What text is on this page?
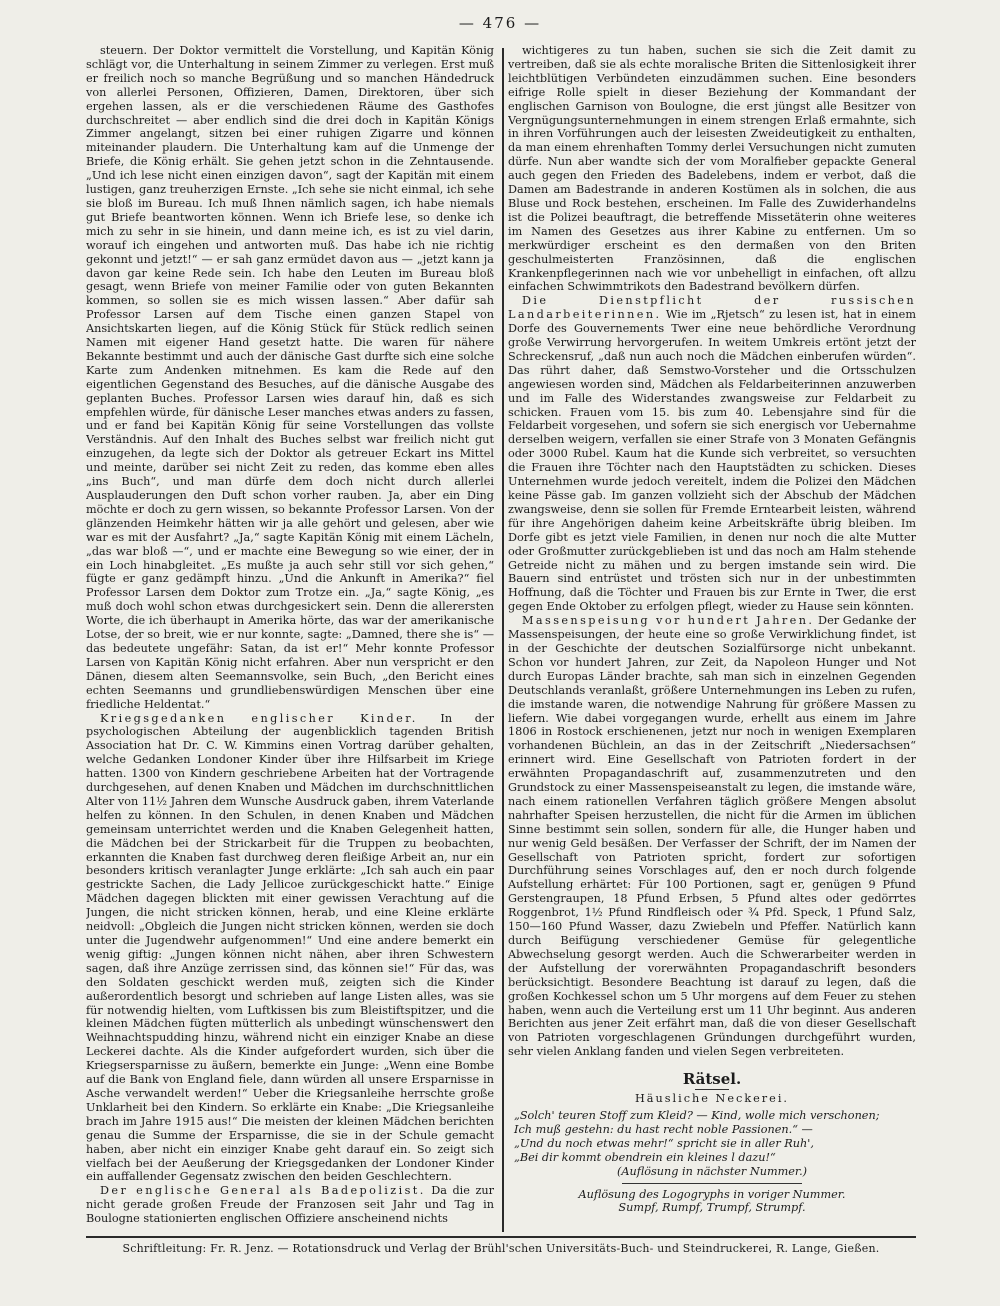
— 476 —

steuern. Der Doktor vermittelt die Vorstellung, und Kapitän König schlägt vor, die Unterhaltung in seinem Zimmer zu verlegen. Erst muß er freilich noch so manche Begrüßung und so manchen Händedruck von allerlei Personen, Offizieren, Damen, Direktoren, über sich ergehen lassen, als er die verschiedenen Räume des Gasthofes durchschreitet — aber endlich sind die drei doch in Kapitän Königs Zimmer angelangt, sitzen bei einer ruhigen Zigarre und können miteinander plaudern. Die Unterhaltung kam auf die Unmenge der Briefe, die König erhält. Sie gehen jetzt schon in die Zehntausende. „Und ich lese nicht einen einzigen davon“, sagt der Kapitän mit einem lustigen, ganz treuherzigen Ernste. „Ich sehe sie nicht einmal, ich sehe sie bloß im Bureau. Ich muß Ihnen nämlich sagen, ich habe niemals gut Briefe beantworten können. Wenn ich Briefe lese, so denke ich mich zu sehr in sie hinein, und dann meine ich, es ist zu viel darin, worauf ich eingehen und antworten muß. Das habe ich nie richtig gekonnt und jetzt!“ — er sah ganz ermüdet davon aus — „jetzt kann ja davon gar keine Rede sein. Ich habe den Leuten im Bureau bloß gesagt, wenn Briefe von meiner Familie oder von guten Bekannten kommen, so sollen sie es mich wissen lassen.“ Aber dafür sah Professor Larsen auf dem Tische einen ganzen Stapel von Ansichtskarten liegen, auf die König Stück für Stück redlich seinen Namen mit eigener Hand gesetzt hatte. Die waren für nähere Bekannte bestimmt und auch der dänische Gast durfte sich eine solche Karte zum Andenken mitnehmen. Es kam die Rede auf den eigentlichen Gegenstand des Besuches, auf die dänische Ausgabe des geplanten Buches. Professor Larsen wies darauf hin, daß es sich empfehlen würde, für dänische Leser manches etwas anders zu fassen, und er fand bei Kapitän König für seine Vorstellungen das vollste Verständnis. Auf den Inhalt des Buches selbst war freilich nicht gut einzugehen, da legte sich der Doktor als getreuer Eckart ins Mittel und meinte, darüber sei nicht Zeit zu reden, das komme eben alles „ins Buch“, und man dürfe dem doch nicht durch allerlei Ausplauderungen den Duft schon vorher rauben. Ja, aber ein Ding möchte er doch zu gern wissen, so bekannte Professor Larsen. Von der glänzenden Heimkehr hätten wir ja alle gehört und gelesen, aber wie war es mit der Ausfahrt? „Ja,“ sagte Kapitän König mit einem Lächeln, „das war bloß —“, und er machte eine Bewegung so wie einer, der in ein Loch hinabgleitet. „Es mußte ja auch sehr still vor sich gehen,“ fügte er ganz gedämpft hinzu. „Und die Ankunft in Amerika?“ fiel Professor Larsen dem Doktor zum Trotze ein. „Ja,“ sagte König, „es muß doch wohl schon etwas durchgesickert sein. Denn die allerersten Worte, die ich überhaupt in Amerika hörte, das war der amerikanische Lotse, der so breit, wie er nur konnte, sagte: „Damned, there she is“ — das bedeutete ungefähr: Satan, da ist er!“ Mehr konnte Professor Larsen von Kapitän König nicht erfahren. Aber nun verspricht er den Dänen, diesem alten Seemannsvolke, sein Buch, „den Bericht eines echten Seemanns und grundliebenswürdigen Menschen über eine friedliche Heldentat.“

Kriegsgedanken englischer Kinder. In der psychologischen Abteilung der augenblicklich tagenden British Association hat Dr. C. W. Kimmins einen Vortrag darüber gehalten, welche Gedanken Londoner Kinder über ihre Hilfsarbeit im Kriege hatten. 1300 von Kindern geschriebene Arbeiten hat der Vortragende durchgesehen, auf denen Knaben und Mädchen im durchschnittlichen Alter von 11½ Jahren dem Wunsche Ausdruck gaben, ihrem Vaterlande helfen zu können. In den Schulen, in denen Knaben und Mädchen gemeinsam unterrichtet werden und die Knaben Gelegenheit hatten, die Mädchen bei der Strickarbeit für die Truppen zu beobachten, erkannten die Knaben fast durchweg deren fleißige Arbeit an, nur ein besonders kritisch veranlagter Junge erklärte: „Ich sah auch ein paar gestrickte Sachen, die Lady Jellicoe zurückgeschickt hatte.“ Einige Mädchen dagegen blickten mit einer gewissen Verachtung auf die Jungen, die nicht stricken können, herab, und eine Kleine erklärte neidvoll: „Obgleich die Jungen nicht stricken können, werden sie doch unter die Jugendwehr aufgenommen!“ Und eine andere bemerkt ein wenig giftig: „Jungen können nicht nähen, aber ihren Schwestern sagen, daß ihre Anzüge zerrissen sind, das können sie!“ Für das, was den Soldaten geschickt werden muß, zeigten sich die Kinder außerordentlich besorgt und schrieben auf lange Listen alles, was sie für notwendig hielten, vom Luftkissen bis zum Bleistiftspitzer, und die kleinen Mädchen fügten mütterlich als unbedingt wünschenswert den Weihnachtspudding hinzu, während nicht ein einziger Knabe an diese Leckerei dachte. Als die Kinder aufgefordert wurden, sich über die Kriegsersparnisse zu äußern, bemerkte ein Junge: „Wenn eine Bombe auf die Bank von England fiele, dann würden all unsere Ersparnisse in Asche verwandelt werden!“ Ueber die Kriegsanleihe herrschte große Unklarheit bei den Kindern. So erklärte ein Knabe: „Die Kriegsanleihe brach im Jahre 1915 aus!“ Die meisten der kleinen Mädchen berichten genau die Summe der Ersparnisse, die sie in der Schule gemacht haben, aber nicht ein einziger Knabe geht darauf ein. So zeigt sich vielfach bei der Aeußerung der Kriegsgedanken der Londoner Kinder ein auffallender Gegensatz zwischen den beiden Geschlechtern.

Der englische General als Badepolizist. Da die zur nicht gerade großen Freude der Franzosen seit Jahr und Tag in Boulogne stationierten englischen Offiziere anscheinend nichts

wichtigeres zu tun haben, suchen sie sich die Zeit damit zu vertreiben, daß sie als echte moralische Briten die Sittenlosigkeit ihrer leichtblütigen Verbündeten einzudämmen suchen. Eine besonders eifrige Rolle spielt in dieser Beziehung der Kommandant der englischen Garnison von Boulogne, die erst jüngst alle Besitzer von Vergnügungsunternehmungen in einem strengen Erlaß ermahnte, sich in ihren Vorführungen auch der leisesten Zweideutigkeit zu enthalten, da man einem ehrenhaften Tommy derlei Versuchungen nicht zumuten dürfe. Nun aber wandte sich der vom Moralfieber gepackte General auch gegen den Frieden des Badelebens, indem er verbot, daß die Damen am Badestrande in anderen Kostümen als in solchen, die aus Bluse und Rock bestehen, erscheinen. Im Falle des Zuwiderhandelns ist die Polizei beauftragt, die betreffende Missetäterin ohne weiteres im Namen des Gesetzes aus ihrer Kabine zu entfernen. Um so merkwürdiger erscheint es den dermaßen von den Briten geschulmeisterten Französinnen, daß die englischen Krankenpflegerinnen nach wie vor unbehelligt in einfachen, oft allzu einfachen Schwimmtrikots den Badestrand bevölkern dürfen.

Die Dienstpflicht der russischen Landarbeiterinnen. Wie im „Rjetsch“ zu lesen ist, hat in einem Dorfe des Gouvernements Twer eine neue behördliche Verordnung große Verwirrung hervorgerufen. In weitem Umkreis ertönt jetzt der Schreckensruf, „daß nun auch noch die Mädchen einberufen würden“. Das rührt daher, daß Semstwo-Vorsteher und die Ortsschulzen angewiesen worden sind, Mädchen als Feldarbeiterinnen anzuwerben und im Falle des Widerstandes zwangsweise zur Feldarbeit zu schicken. Frauen vom 15. bis zum 40. Lebensjahre sind für die Feldarbeit vorgesehen, und sofern sie sich energisch vor Uebernahme derselben weigern, verfallen sie einer Strafe von 3 Monaten Gefängnis oder 3000 Rubel. Kaum hat die Kunde sich verbreitet, so versuchten die Frauen ihre Töchter nach den Hauptstädten zu schicken. Dieses Unternehmen wurde jedoch vereitelt, indem die Polizei den Mädchen keine Pässe gab. Im ganzen vollzieht sich der Abschub der Mädchen zwangsweise, denn sie sollen für Fremde Erntearbeit leisten, während für ihre Angehörigen daheim keine Arbeitskräfte übrig bleiben. Im Dorfe gibt es jetzt viele Familien, in denen nur noch die alte Mutter oder Großmutter zurückgeblieben ist und das noch am Halm stehende Getreide nicht zu mähen und zu bergen imstande sein wird. Die Bauern sind entrüstet und trösten sich nur in der unbestimmten Hoffnung, daß die Töchter und Frauen bis zur Ernte in Twer, die erst gegen Ende Oktober zu erfolgen pflegt, wieder zu Hause sein könnten.

Massenspeisung vor hundert Jahren. Der Gedanke der Massenspeisungen, der heute eine so große Verwirklichung findet, ist in der Geschichte der deutschen Sozialfürsorge nicht unbekannt. Schon vor hundert Jahren, zur Zeit, da Napoleon Hunger und Not durch Europas Länder brachte, sah man sich in einzelnen Gegenden Deutschlands veranlaßt, größere Unternehmungen ins Leben zu rufen, die imstande waren, die notwendige Nahrung für größere Massen zu liefern. Wie dabei vorgegangen wurde, erhellt aus einem im Jahre 1806 in Rostock erschienenen, jetzt nur noch in wenigen Exemplaren vorhandenen Büchlein, an das in der Zeitschrift „Niedersachsen“ erinnert wird. Eine Gesellschaft von Patrioten fordert in der erwähnten Propagandaschrift auf, zusammenzutreten und den Grundstock zu einer Massenspeiseanstalt zu legen, die imstande wäre, nach einem rationellen Verfahren täglich größere Mengen absolut nahrhafter Speisen herzustellen, die nicht für die Armen im üblichen Sinne bestimmt sein sollen, sondern für alle, die Hunger haben und nur wenig Geld besäßen. Der Verfasser der Schrift, der im Namen der Gesellschaft von Patrioten spricht, fordert zur sofortigen Durchführung seines Vorschlages auf, den er noch durch folgende Aufstellung erhärtet: Für 100 Portionen, sagt er, genügen 9 Pfund Gerstengraupen, 18 Pfund Erbsen, 5 Pfund altes oder gedörrtes Roggenbrot, 1½ Pfund Rindfleisch oder ¾ Pfd. Speck, 1 Pfund Salz, 150—160 Pfund Wasser, dazu Zwiebeln und Pfeffer. Natürlich kann durch Beifügung verschiedener Gemüse für gelegentliche Abwechselung gesorgt werden. Auch die Schwerarbeiter werden in der Aufstellung der vorerwähnten Propagandaschrift besonders berücksichtigt. Besondere Beachtung ist darauf zu legen, daß die großen Kochkessel schon um 5 Uhr morgens auf dem Feuer zu stehen haben, wenn auch die Verteilung erst um 11 Uhr beginnt. Aus anderen Berichten aus jener Zeit erfährt man, daß die von dieser Gesellschaft von Patrioten vorgeschlagenen Gründungen durchgeführt wurden, sehr vielen Anklang fanden und vielen Segen verbreiteten.

Rätsel.
Häusliche Neckerei.
„Solch' teuren Stoff zum Kleid? — Kind, wolle mich verschonen;
Ich muß gestehn: du hast recht noble Passionen.“ —
„Und du noch etwas mehr!“ spricht sie in aller Ruh',
„Bei dir kommt obendrein ein kleines l dazu!“
(Auflösung in nächster Nummer.)
Auflösung des Logogryphs in voriger Nummer.
Sumpf, Rumpf, Trumpf, Strumpf.
Schriftleitung: Fr. R. Jenz. — Rotationsdruck und Verlag der Brühl'schen Universitäts-Buch- und Steindruckerei, R. Lange, Gießen.
